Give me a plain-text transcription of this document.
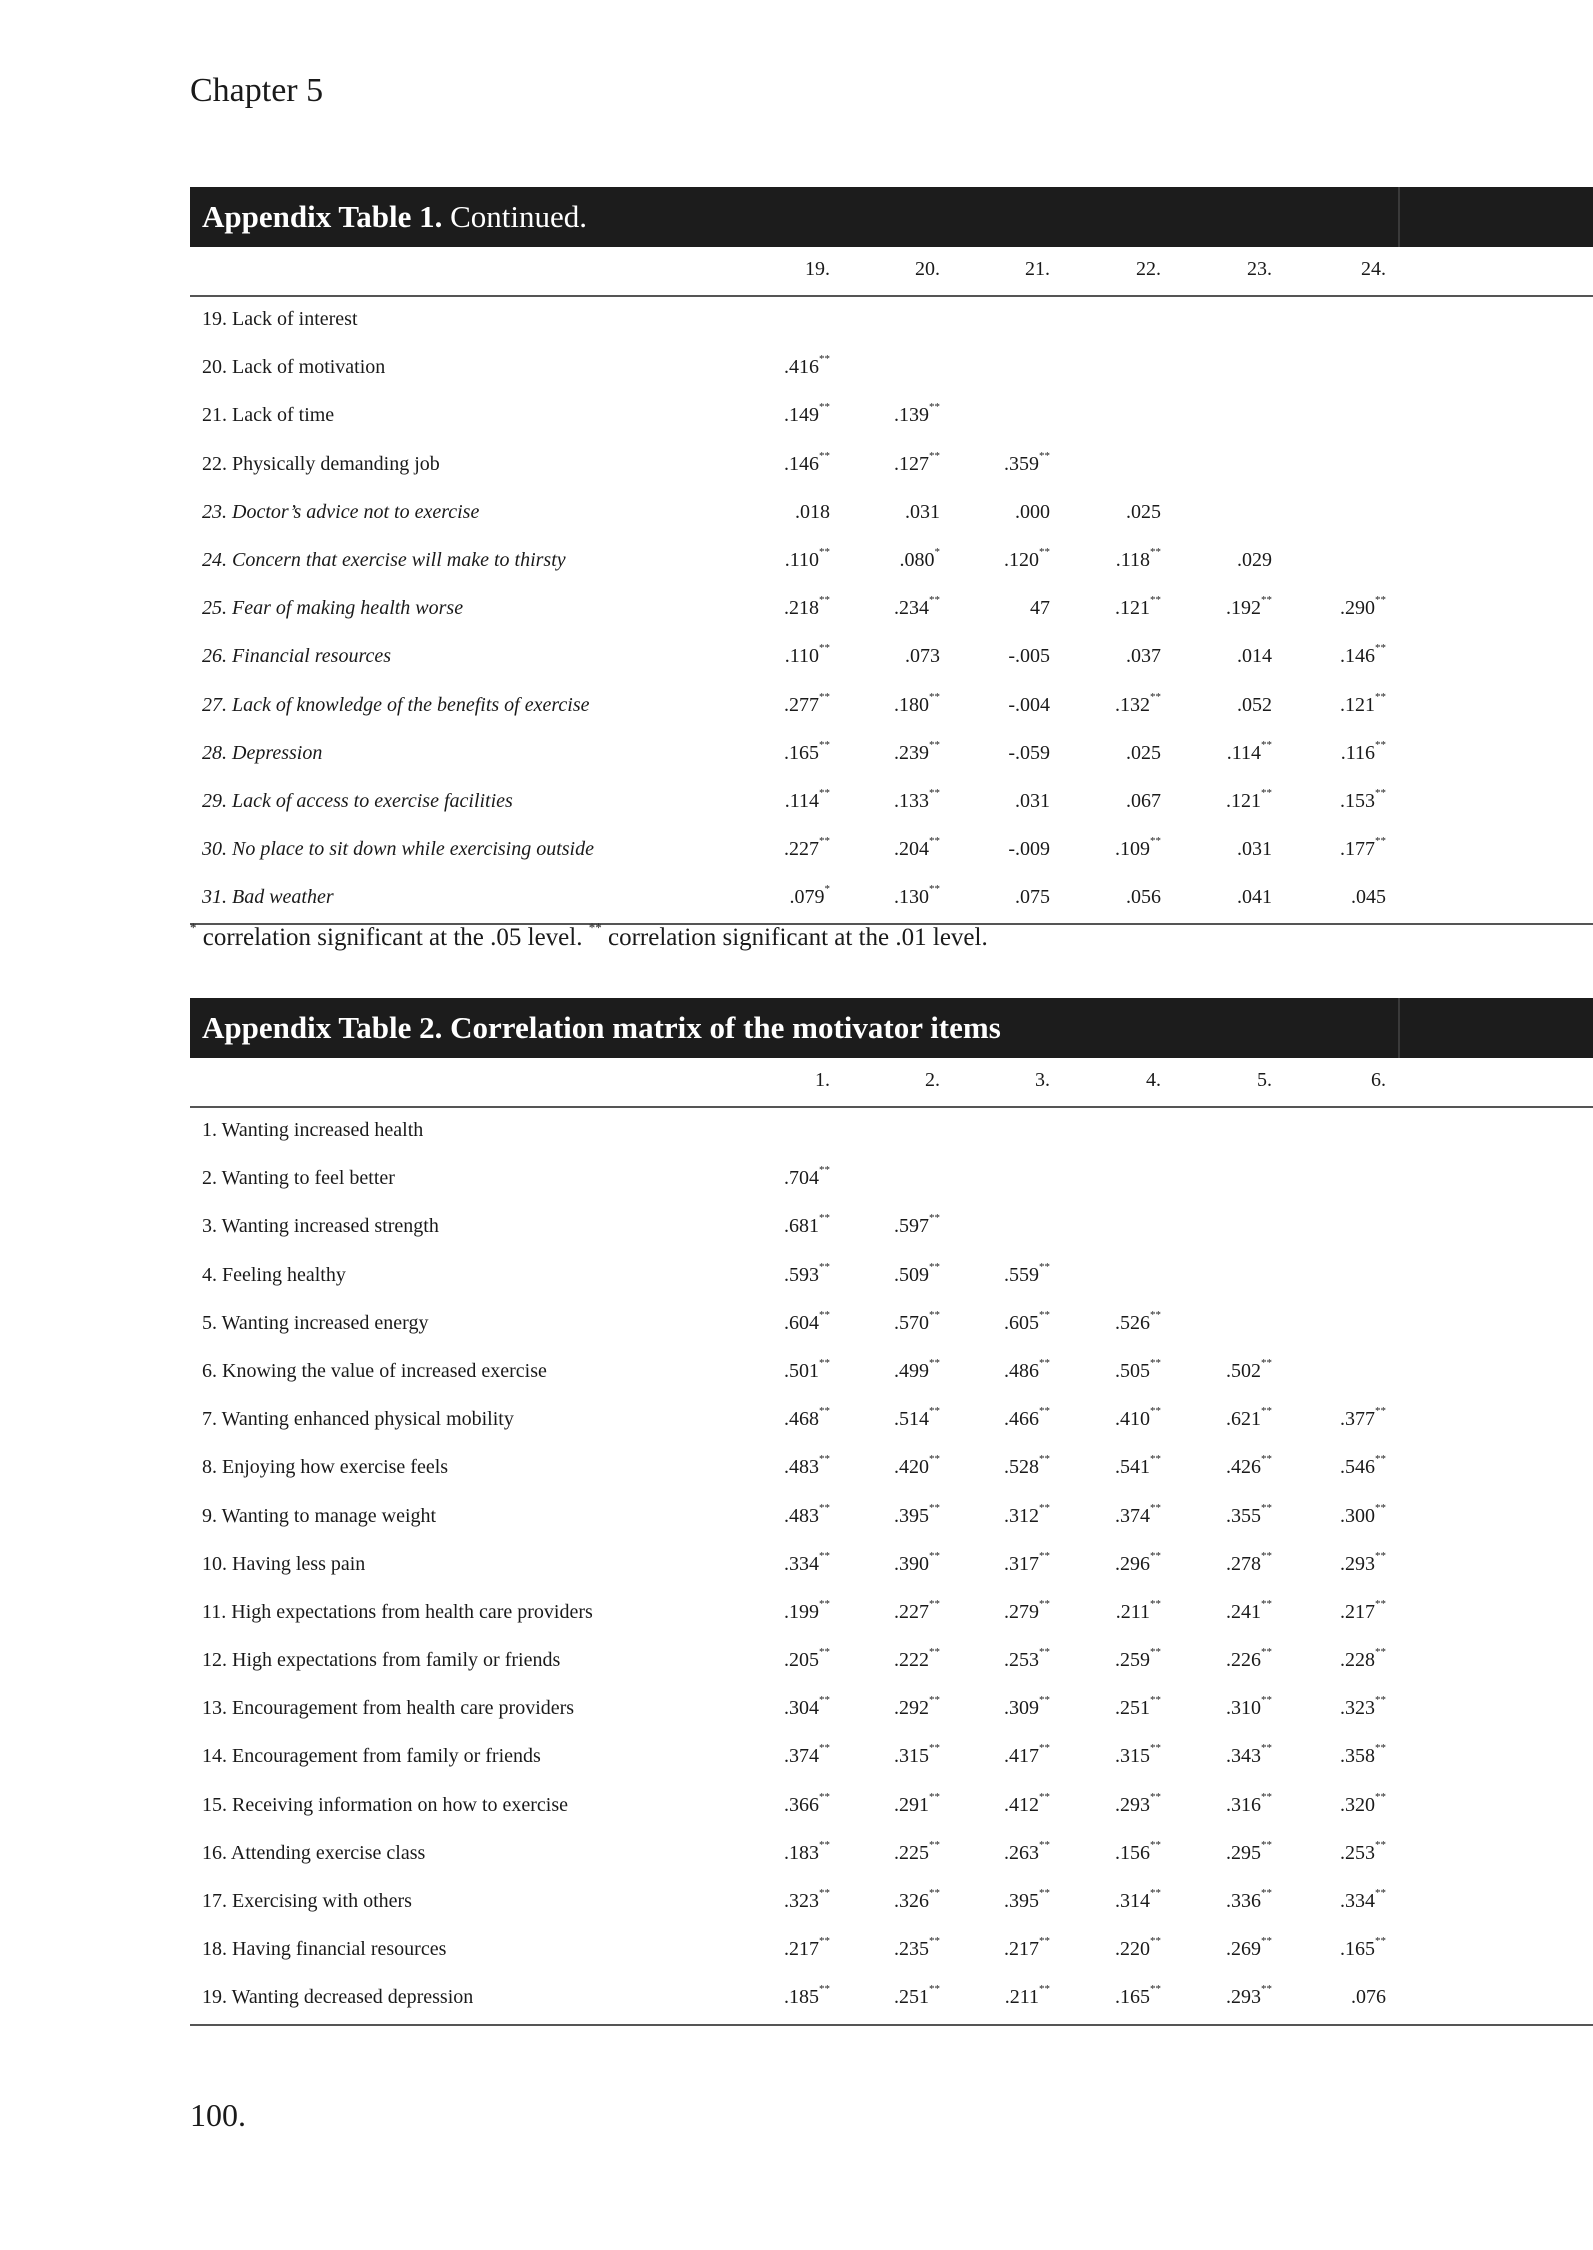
Chapter 5
Appendix Table 1. Continued.
19.	20.	21.	22.	23.	24.
19. Lack of interest
20. Lack of motivation	.416**
21. Lack of time	.149**	.139**
22. Physically demanding job	.146**	.127**	.359**
23. Doctor’s advice not to exercise	.018	.031	.000	.025
24. Concern that exercise will make to thirsty	.110**	.080*	.120**	.118**	.029
25. Fear of making health worse	.218**	.234**	47	.121**	.192**	.290**
26. Financial resources	.110**	.073	-.005	.037	.014	.146**
27. Lack of knowledge of the benefits of exercise	.277**	.180**	-.004	.132**	.052	.121**
28. Depression	.165**	.239**	-.059	.025	.114**	.116**
29. Lack of access to exercise facilities	.114**	.133**	.031	.067	.121**	.153**
30. No place to sit down while exercising outside	.227**	.204**	-.009	.109**	.031	.177**
31. Bad weather	.079*	.130**	.075	.056	.041	.045
* correlation significant at the .05 level. ** correlation significant at the .01 level.
Appendix Table 2. Correlation matrix of the motivator items
1.	2.	3.	4.	5.	6.
1. Wanting increased health
2. Wanting to feel better	.704**
3. Wanting increased strength	.681**	.597**
4. Feeling healthy	.593**	.509**	.559**
5. Wanting increased energy	.604**	.570**	.605**	.526**
6. Knowing the value of increased exercise	.501**	.499**	.486**	.505**	.502**
7. Wanting enhanced physical mobility	.468**	.514**	.466**	.410**	.621**	.377**
8. Enjoying how exercise feels	.483**	.420**	.528**	.541**	.426**	.546**
9. Wanting to manage weight	.483**	.395**	.312**	.374**	.355**	.300**
10. Having less pain	.334**	.390**	.317**	.296**	.278**	.293**
11. High expectations from health care providers	.199**	.227**	.279**	.211**	.241**	.217**
12. High expectations from family or friends	.205**	.222**	.253**	.259**	.226**	.228**
13. Encouragement from health care providers	.304**	.292**	.309**	.251**	.310**	.323**
14. Encouragement from family or friends	.374**	.315**	.417**	.315**	.343**	.358**
15. Receiving information on how to exercise	.366**	.291**	.412**	.293**	.316**	.320**
16. Attending exercise class	.183**	.225**	.263**	.156**	.295**	.253**
17. Exercising with others	.323**	.326**	.395**	.314**	.336**	.334**
18. Having financial resources	.217**	.235**	.217**	.220**	.269**	.165**
19. Wanting decreased depression	.185**	.251**	.211**	.165**	.293**	.076
100.
